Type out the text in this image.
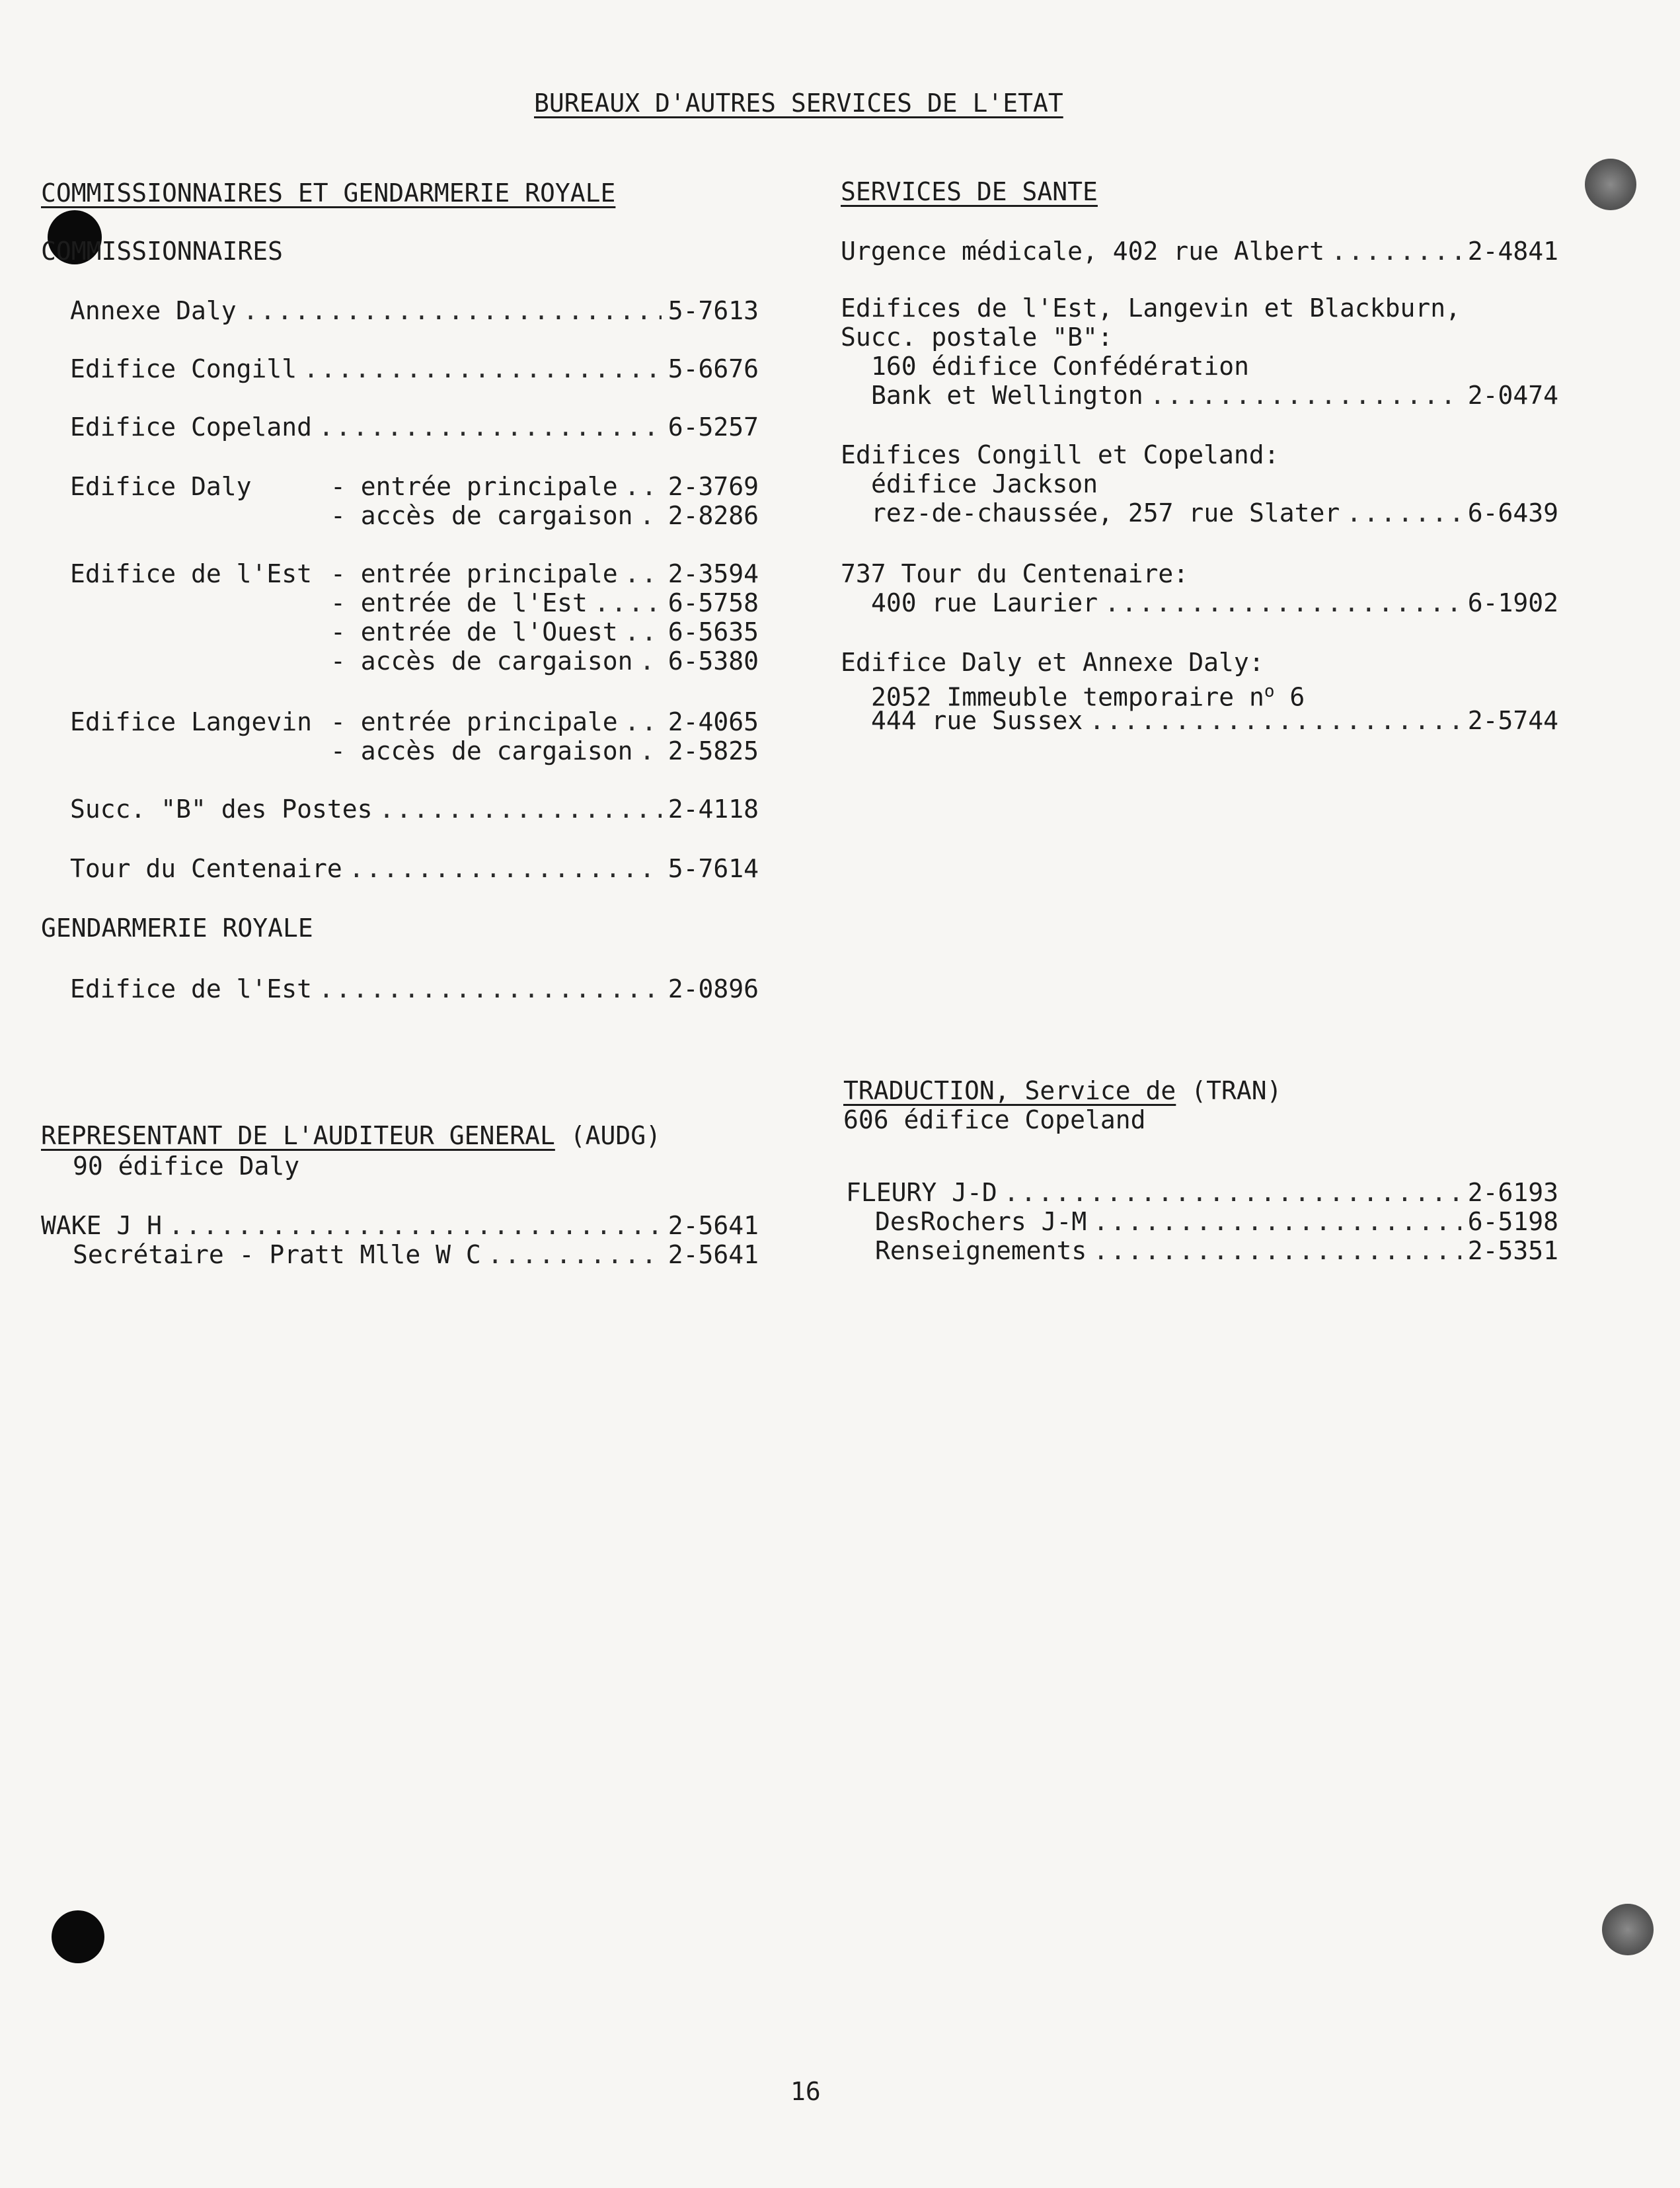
BUREAUX D'AUTRES SERVICES DE L'ETAT
COMMISSIONNAIRES ET GENDARMERIE ROYALE
COMMISSIONNAIRES
Annexe Daly .....	5-7613
Edifice Congill .....	5-6676
Edifice Copeland .....	6-5257
Edifice Daly	- entrée principale ..... 2-3769
- accès de cargaison ..... 2-8286
Edifice de l'Est - entrée principale ..... 2-3594
- entrée de l'Est .....	6-5758
- entrée de l'Ouest ..... 6-5635
- accès de cargaison ..... 6-5380
Edifice Langevin - entrée principale ..... 2-4065
- accès de cargaison ..... 2-5825
Succ. "B" des Postes .....	2-4118
Tour du Centenaire .....	5-7614
GENDARMERIE ROYALE
Edifice de l'Est .....	2-0896
REPRESENTANT DE L'AUDITEUR GENERAL (AUDG)
90 édifice Daly
WAKE J H .....	2-5641
Secrétaire - Pratt Mlle W C .....	2-5641
SERVICES DE SANTE
Urgence médicale, 402 rue Albert .....	2-4841
Edifices de l'Est, Langevin et Blackburn,
Succ. postale "B":
160 édifice Confédération
Bank et Wellington .....	2-0474
Edifices Congill et Copeland:
édifice Jackson
rez-de-chaussée, 257 rue Slater .....	6-6439
737 Tour du Centenaire:
400 rue Laurier .....	6-1902
Edifice Daly et Annexe Daly:
2052 Immeuble temporaire $n^o$ 6
444 rue Sussex .....	2-5744
TRADUCTION, Service de (TRAN)
606 édifice Copeland
FLEURY J-D .....	2-6193
DesRochers J-M .....	6-5198
Renseignements .....	2-5351
16
